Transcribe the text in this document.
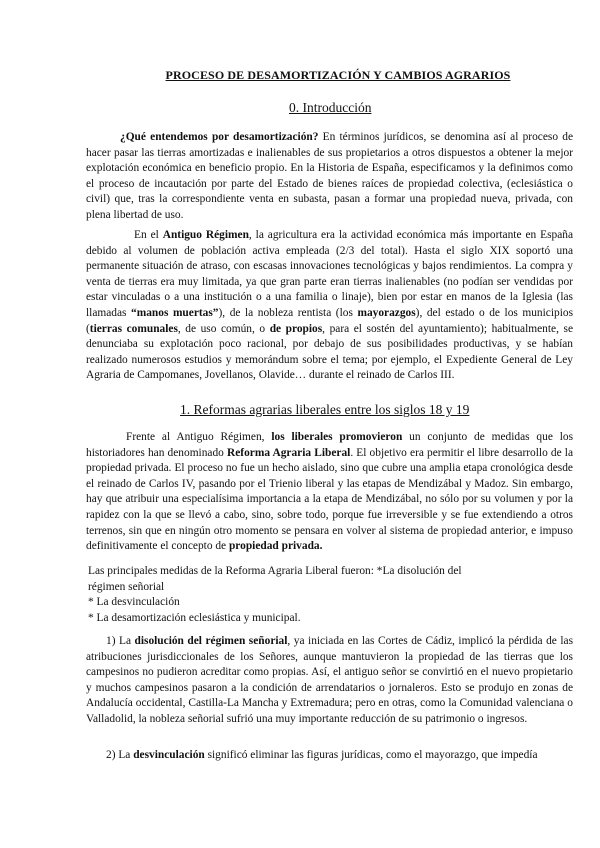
PROCESO DE DESAMORTIZACIÓN Y CAMBIOS AGRARIOS
0. Introducción

¿Qué entendemos por desamortización? En términos jurídicos, se denomina así al proceso de hacer pasar las tierras amortizadas e inalienables de sus propietarios a otros dispuestos a obtener la mejor explotación económica en beneficio propio. En la Historia de España, especificamos y la definimos como el proceso de incautación por parte del Estado de bienes raíces de propiedad colectiva, (eclesiástica o civil) que, tras la correspondiente venta en subasta, pasan a formar una propiedad nueva, privada, con plena libertad de uso.

En el Antiguo Régimen, la agricultura era la actividad económica más importante en España debido al volumen de población activa empleada (2/3 del total). Hasta el siglo XIX soportó una permanente situación de atraso, con escasas innovaciones tecnológicas y bajos rendimientos. La compra y venta de tierras era muy limitada, ya que gran parte eran tierras inalienables (no podían ser vendidas por estar vinculadas o a una institución o a una familia o linaje), bien por estar en manos de la Iglesia (las llamadas “manos muertas”), de la nobleza rentista (los mayorazgos), del estado o de los municipios (tierras comunales, de uso común, o de propios, para el sostén del ayuntamiento); habitualmente, se denunciaba su explotación poco racional, por debajo de sus posibilidades productivas, y se habían realizado numerosos estudios y memorándum sobre el tema; por ejemplo, el Expediente General de Ley Agraria de Campomanes, Jovellanos, Olavide… durante el reinado de Carlos III.

1. Reformas agrarias liberales entre los siglos 18 y 19

Frente al Antiguo Régimen, los liberales promovieron un conjunto de medidas que los historiadores han denominado Reforma Agraria Liberal. El objetivo era permitir el libre desarrollo de la propiedad privada. El proceso no fue un hecho aislado, sino que cubre una amplia etapa cronológica desde el reinado de Carlos IV, pasando por el Trienio liberal y las etapas de Mendizábal y Madoz. Sin embargo, hay que atribuir una especialísima importancia a la etapa de Mendizábal, no sólo por su volumen y por la rapidez con la que se llevó a cabo, sino, sobre todo, porque fue irreversible y se fue extendiendo a otros terrenos, sin que en ningún otro momento se pensara en volver al sistema de propiedad anterior, e impuso definitivamente el concepto de propiedad privada.

Las principales medidas de la Reforma Agraria Liberal fueron: *La disolución del
régimen señorial
* La desvinculación
* La desamortización eclesiástica y municipal.

1) La disolución del régimen señorial, ya iniciada en las Cortes de Cádiz, implicó la pérdida de las atribuciones jurisdiccionales de los Señores, aunque mantuvieron la propiedad de las tierras que los campesinos no pudieron acreditar como propias. Así, el antiguo señor se convirtió en el nuevo propietario y muchos campesinos pasaron a la condición de arrendatarios o jornaleros. Esto se produjo en zonas de Andalucía occidental, Castilla-La Mancha y Extremadura; pero en otras, como la Comunidad valenciana o Valladolid, la nobleza señorial sufrió una muy importante reducción de su patrimonio o ingresos.

2) La desvinculación significó eliminar las figuras jurídicas, como el mayorazgo, que impedía
